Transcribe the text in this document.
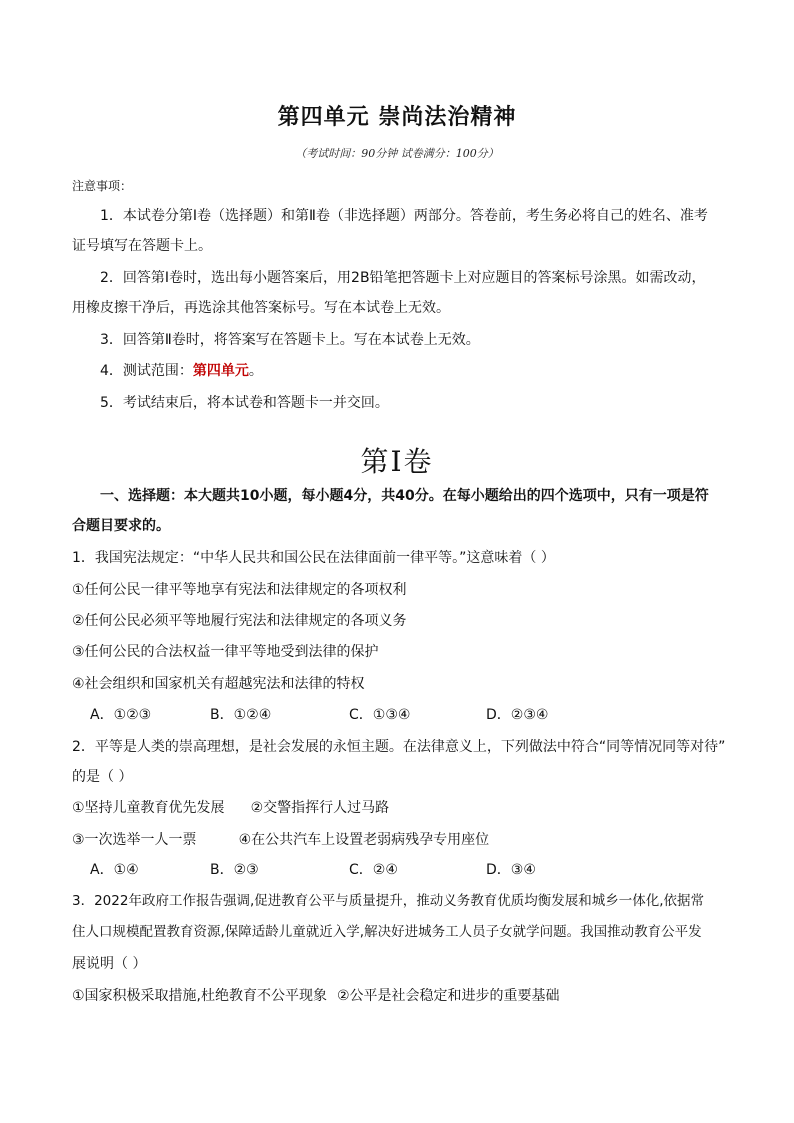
第四单元 崇尚法治精神
（考试时间：90分钟 试卷满分：100分）
注意事项：
1．本试卷分第Ⅰ卷（选择题）和第Ⅱ卷（非选择题）两部分。答卷前，考生务必将自己的姓名、准考
证号填写在答题卡上。
2．回答第Ⅰ卷时，选出每小题答案后，用2B铅笔把答题卡上对应题目的答案标号涂黑。如需改动，
用橡皮擦干净后，再选涂其他答案标号。写在本试卷上无效。
3．回答第Ⅱ卷时，将答案写在答题卡上。写在本试卷上无效。
4．测试范围：第四单元。
5．考试结束后，将本试卷和答题卡一并交回。
第Ⅰ卷
一、选择题：本大题共10小题，每小题4分，共40分。在每小题给出的四个选项中，只有一项是符
合题目要求的。
1．我国宪法规定：“中华人民共和国公民在法律面前一律平等。”这意味着（ ）
①任何公民一律平等地享有宪法和法律规定的各项权利
②任何公民必须平等地履行宪法和法律规定的各项义务
③任何公民的合法权益一律平等地受到法律的保护
④社会组织和国家机关有超越宪法和法律的特权
A．①②③	B．①②④	C．①③④	D．②③④
2．平等是人类的崇高理想，是社会发展的永恒主题。在法律意义上，下列做法中符合“同等情况同等对待”
的是（ ）
①坚持儿童教育优先发展 ②交警指挥行人过马路
③一次选举一人一票	④在公共汽车上设置老弱病残孕专用座位
A．①④	B．②③	C．②④	D．③④
3．2022年政府工作报告强调,促进教育公平与质量提升，推动义务教育优质均衡发展和城乡一体化,依据常
住人口规模配置教育资源,保障适龄儿童就近入学,解决好进城务工人员子女就学问题。我国推动教育公平发
展说明（ ）
①国家积极采取措施,杜绝教育不公平现象 ②公平是社会稳定和进步的重要基础
